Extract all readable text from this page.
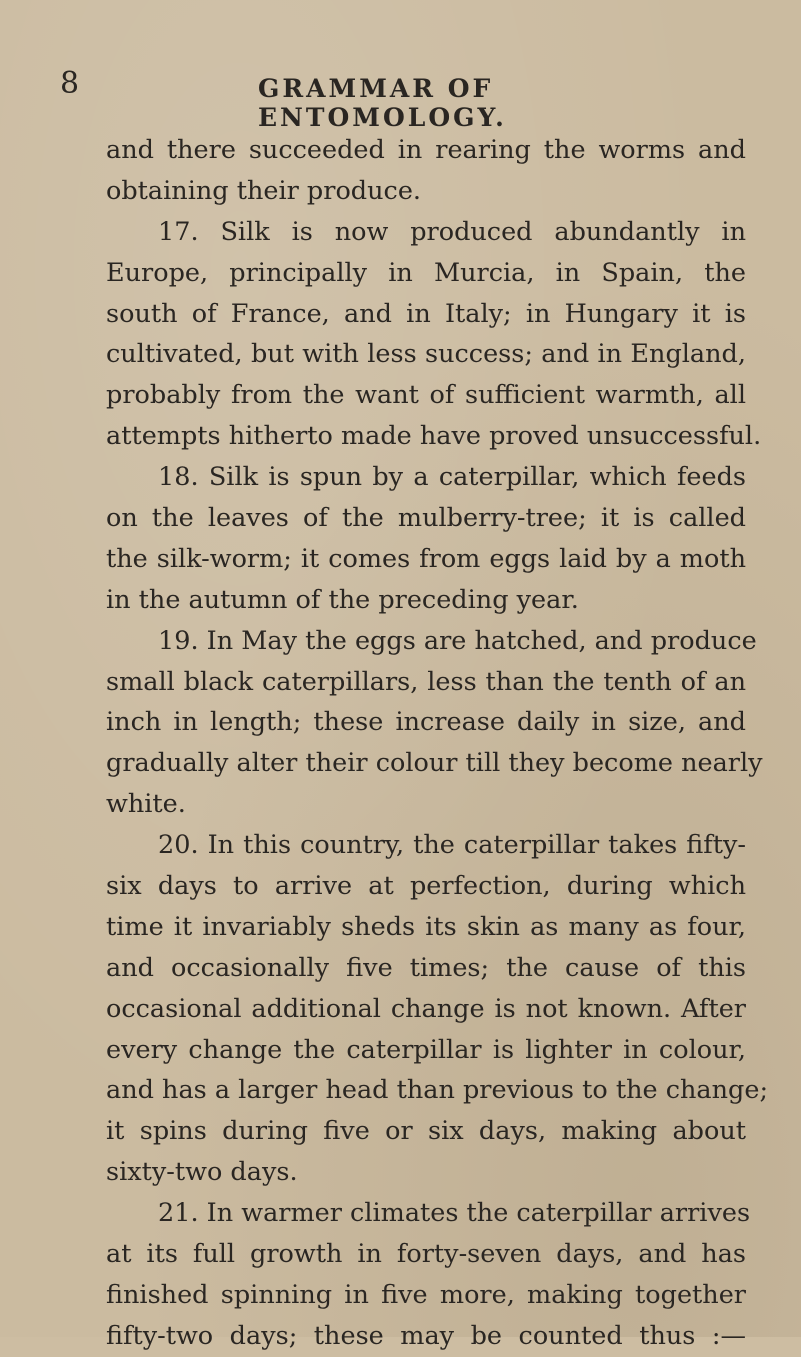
8	GRAMMAR OF ENTOMOLOGY.
and there succeeded in rearing the worms and
obtaining their produce.
17. Silk is now produced abundantly in
Europe, principally in Murcia, in Spain, the
south of France, and in Italy; in Hungary it is
cultivated, but with less success; and in England,
probably from the want of sufficient warmth, all
attempts hitherto made have proved unsuccessful.
18. Silk is spun by a caterpillar, which feeds
on the leaves of the mulberry-tree; it is called
the silk-worm; it comes from eggs laid by a moth
in the autumn of the preceding year.
19. In May the eggs are hatched, and produce
small black caterpillars, less than the tenth of an
inch in length; these increase daily in size, and
gradually alter their colour till they become nearly
white.
20. In this country, the caterpillar takes fifty-
six days to arrive at perfection, during which
time it invariably sheds its skin as many as four,
and occasionally five times; the cause of this
occasional additional change is not known. After
every change the caterpillar is lighter in colour,
and has a larger head than previous to the change;
it spins during five or six days, making about
sixty-two days.
21. In warmer climates the caterpillar arrives
at its full growth in forty-seven days, and has
finished spinning in five more, making together
fifty-two days; these may be counted thus :—
